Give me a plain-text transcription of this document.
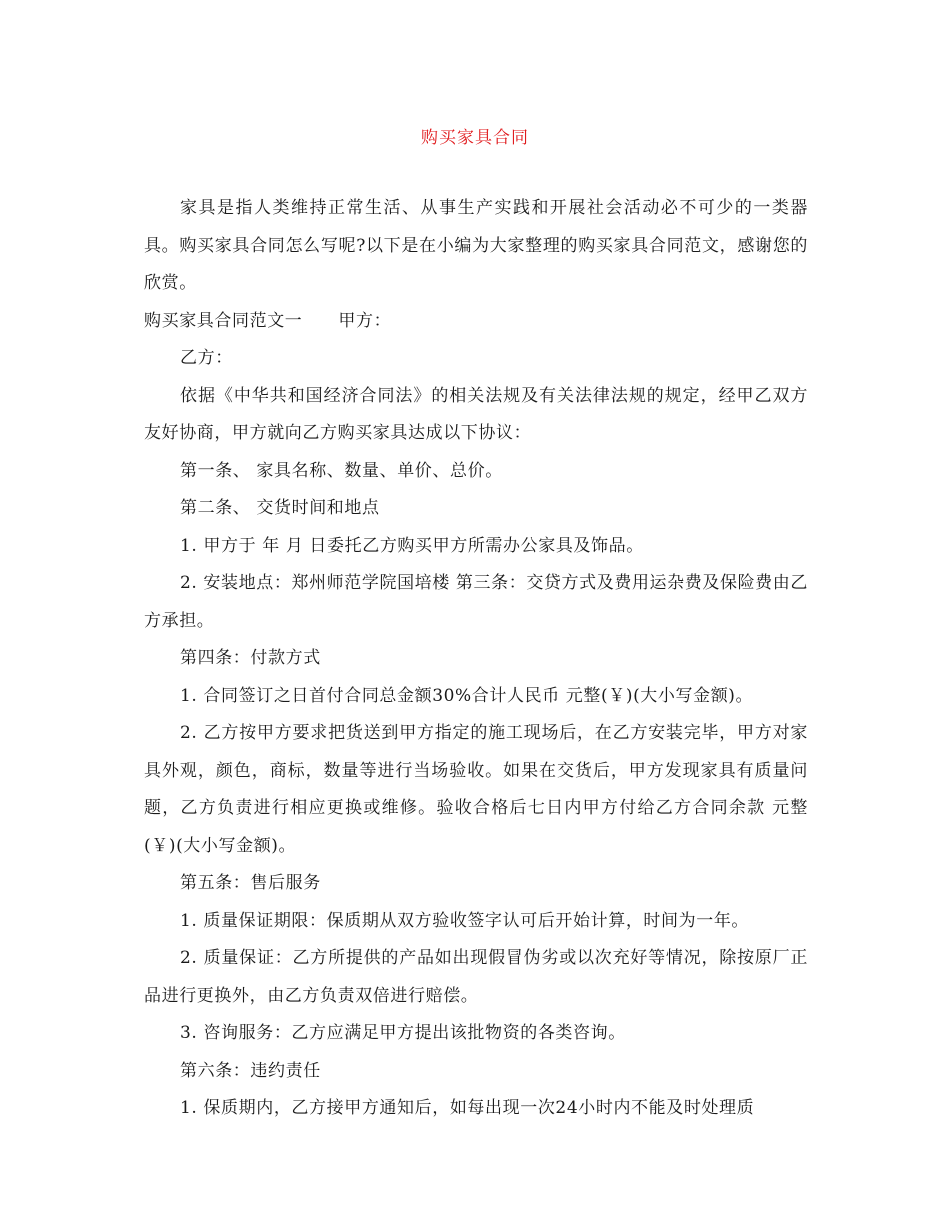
购买家具合同

家具是指人类维持正常生活、从事生产实践和开展社会活动必不可少的一类器具。购买家具合同怎么写呢?以下是在小编为大家整理的购买家具合同范文，感谢您的欣赏。

购买家具合同范文一 甲方：

乙方：

依据《中华共和国经济合同法》的相关法规及有关法律法规的规定，经甲乙双方友好协商，甲方就向乙方购买家具达成以下协议：

第一条、 家具名称、数量、单价、总价。

第二条、 交货时间和地点

1. 甲方于 年 月 日委托乙方购买甲方所需办公家具及饰品。

2. 安装地点：郑州师范学院国培楼 第三条：交贷方式及费用运杂费及保险费由乙方承担。

第四条：付款方式

1. 合同签订之日首付合同总金额30%合计人民币 元整(￥)(大小写金额)。

2. 乙方按甲方要求把货送到甲方指定的施工现场后，在乙方安装完毕，甲方对家具外观，颜色，商标，数量等进行当场验收。如果在交货后，甲方发现家具有质量问题，乙方负责进行相应更换或维修。验收合格后七日内甲方付给乙方合同余款 元整(￥)(大小写金额)。

第五条：售后服务

1. 质量保证期限：保质期从双方验收签字认可后开始计算，时间为一年。

2. 质量保证：乙方所提供的产品如出现假冒伪劣或以次充好等情况，除按原厂正品进行更换外，由乙方负责双倍进行赔偿。

3. 咨询服务：乙方应满足甲方提出该批物资的各类咨询。

第六条：违约责任

1. 保质期内，乙方接甲方通知后，如每出现一次24小时内不能及时处理质
